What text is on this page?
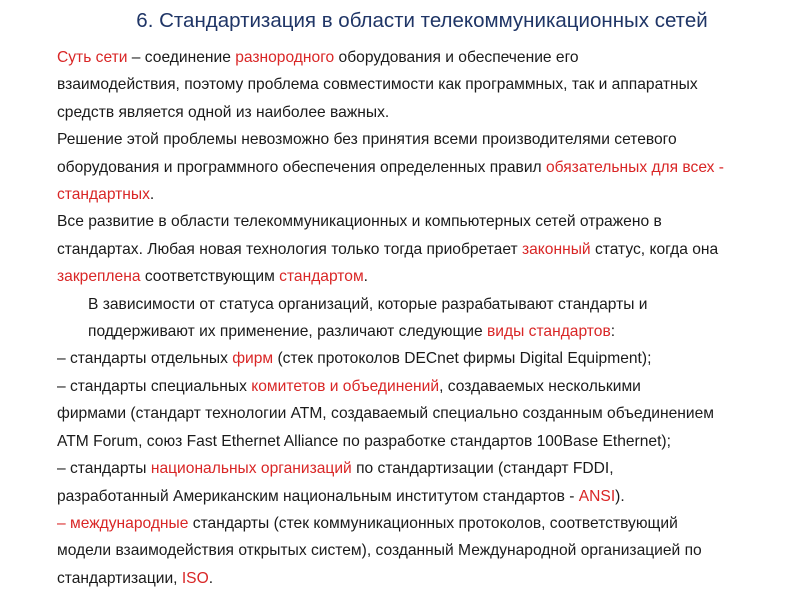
6. Стандартизация в области телекоммуникационных сетей

Суть сети – соединение разнородного оборудования и обеспечение его
взаимодействия, поэтому проблема совместимости как программных, так и аппаратных
средств является одной из наиболее важных.

Решение этой проблемы невозможно без принятия всеми производителями сетевого
оборудования и программного обеспечения определенных правил обязательных для всех -
стандартных.

Все развитие в области телекоммуникационных и компьютерных сетей отражено в
стандартах. Любая новая технология только тогда приобретает законный статус, когда она
закреплена соответствующим стандартом.

В зависимости от статуса организаций, которые разрабатывают стандарты и
поддерживают их применение, различают следующие виды стандартов:

– стандарты отдельных фирм (стек протоколов DECnet фирмы Digital Equipment);

– стандарты специальных комитетов и объединений, создаваемых несколькими
фирмами (стандарт технологии АТМ, создаваемый специально созданным объединением
ATM Forum, союз Fast Ethernet Alliance по разработке стандартов 100Base Ethernet);

– стандарты национальных организаций по стандартизации (стандарт FDDI,
разработанный Американским национальным институтом стандартов - ANSI).

– международные стандарты (стек коммуникационных протоколов, соответствующий
модели взаимодействия открытых систем), созданный Международной организацией по
стандартизации, ISO.
